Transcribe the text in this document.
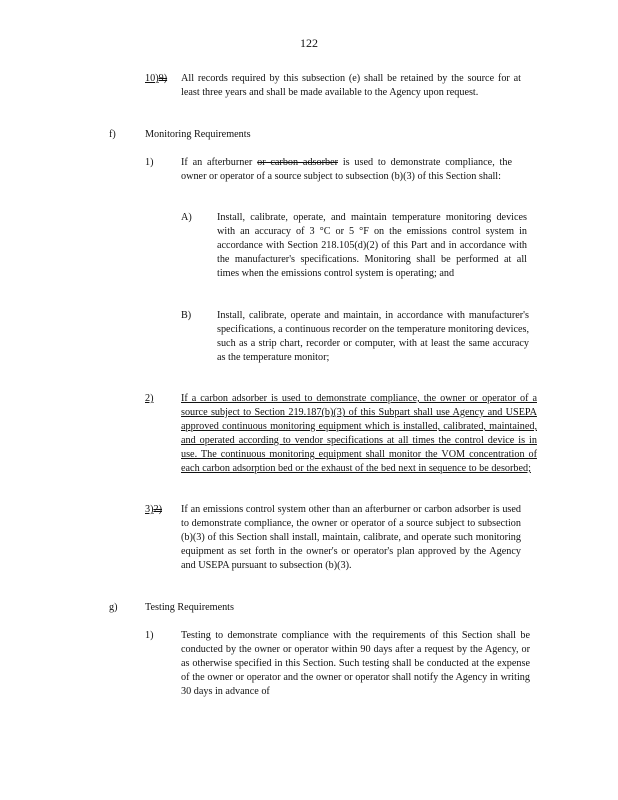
122
10)9) All records required by this subsection (e) shall be retained by the source for at least three years and shall be made available to the Agency upon request.
f)	Monitoring Requirements
1)	If an afterburner or carbon adsorber is used to demonstrate compliance, the owner or operator of a source subject to subsection (b)(3) of this Section shall:
A) Install, calibrate, operate, and maintain temperature monitoring devices with an accuracy of 3 °C or 5 °F on the emissions control system in accordance with Section 218.105(d)(2) of this Part and in accordance with the manufacturer's specifications. Monitoring shall be performed at all times when the emissions control system is operating; and
B)	Install, calibrate, operate and maintain, in accordance with manufacturer's specifications, a continuous recorder on the temperature monitoring devices, such as a strip chart, recorder or computer, with at least the same accuracy as the temperature monitor;
2)	If a carbon adsorber is used to demonstrate compliance, the owner or operator of a source subject to Section 219.187(b)(3) of this Subpart shall use Agency and USEPA approved continuous monitoring equipment which is installed, calibrated, maintained, and operated according to vendor specifications at all times the control device is in use. The continuous monitoring equipment shall monitor the VOM concentration of each carbon adsorption bed or the exhaust of the bed next in sequence to be desorbed;
3)2) If an emissions control system other than an afterburner or carbon adsorber is used to demonstrate compliance, the owner or operator of a source subject to subsection (b)(3) of this Section shall install, maintain, calibrate, and operate such monitoring equipment as set forth in the owner's or operator's plan approved by the Agency and USEPA pursuant to subsection (b)(3).
g)	Testing Requirements
1)	Testing to demonstrate compliance with the requirements of this Section shall be conducted by the owner or operator within 90 days after a request by the Agency, or as otherwise specified in this Section. Such testing shall be conducted at the expense of the owner or operator and the owner or operator shall notify the Agency in writing 30 days in advance of
